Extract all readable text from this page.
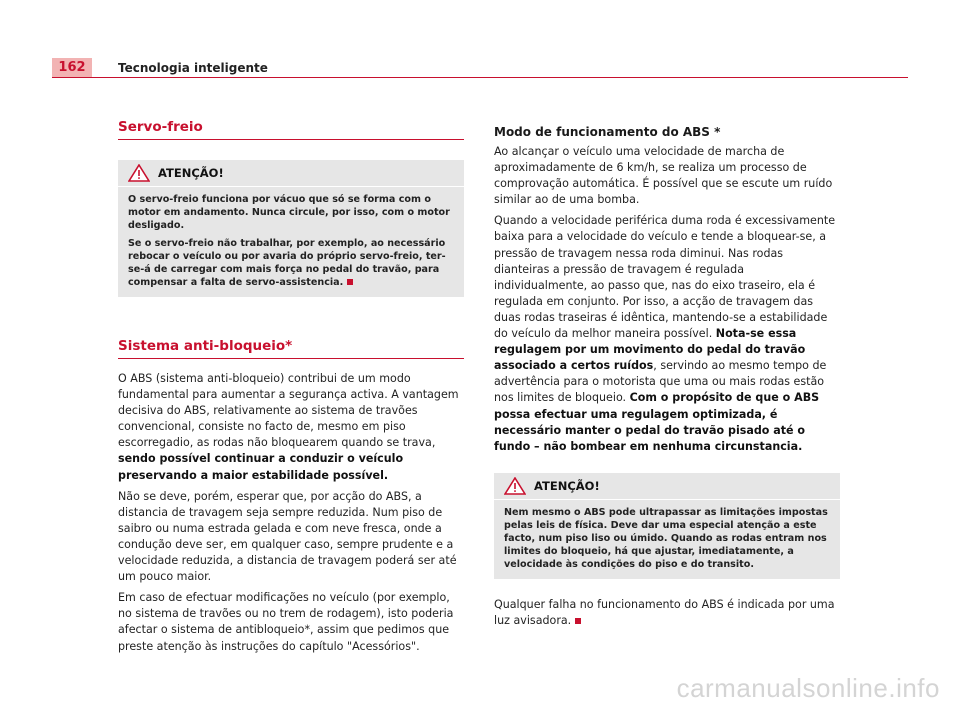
162	Tecnologia inteligente
Servo-freio
ATENÇÃO!

O servo-freio funciona por vácuo que só se forma com o motor em andamento. Nunca circule, por isso, com o motor desligado.

Se o servo-freio não trabalhar, por exemplo, ao necessário rebocar o veículo ou por avaria do próprio servo-freio, ter-se-á de carregar com mais força no pedal do travão, para compensar a falta de servo-assistencia.

Sistema anti-bloqueio*

O ABS (sistema anti-bloqueio) contribui de um modo fundamental para aumentar a segurança activa. A vantagem decisiva do ABS, relativamente ao sistema de travões convencional, consiste no facto de, mesmo em piso escorregadio, as rodas não bloquearem quando se trava, sendo possível continuar a conduzir o veículo preservando a maior estabilidade possível.

Não se deve, porém, esperar que, por acção do ABS, a distancia de travagem seja sempre reduzida. Num piso de saibro ou numa estrada gelada e com neve fresca, onde a condução deve ser, em qualquer caso, sempre prudente e a velocidade reduzida, a distancia de travagem poderá ser até um pouco maior.

Em caso de efectuar modificações no veículo (por exemplo, no sistema de travões ou no trem de rodagem), isto poderia afectar o sistema de antibloqueio*, assim que pedimos que preste atenção às instruções do capítulo "Acessórios".

Modo de funcionamento do ABS *

Ao alcançar o veículo uma velocidade de marcha de aproximadamente de 6 km/h, se realiza um processo de comprovação automática. É possível que se escute um ruído similar ao de uma bomba.

Quando a velocidade periférica duma roda é excessivamente baixa para a velocidade do veículo e tende a bloquear-se, a pressão de travagem nessa roda diminui. Nas rodas dianteiras a pressão de travagem é regulada individualmente, ao passo que, nas do eixo traseiro, ela é regulada em conjunto. Por isso, a acção de travagem das duas rodas traseiras é idêntica, mantendo-se a estabilidade do veículo da melhor maneira possível. Nota-se essa regulagem por um movimento do pedal do travão associado a certos ruídos, servindo ao mesmo tempo de advertência para o motorista que uma ou mais rodas estão nos limites de bloqueio. Com o propósito de que o ABS possa efectuar uma regulagem optimizada, é necessário manter o pedal do travão pisado até o fundo – não bombear em nenhuma circunstancia.

ATENÇÃO!

Nem mesmo o ABS pode ultrapassar as limitações impostas pelas leis de física. Deve dar uma especial atenção a este facto, num piso liso ou úmido. Quando as rodas entram nos limites do bloqueio, há que ajustar, imediatamente, a velocidade às condições do piso e do transito.

Qualquer falha no funcionamento do ABS é indicada por uma luz avisadora.

carmanualsonline.info
